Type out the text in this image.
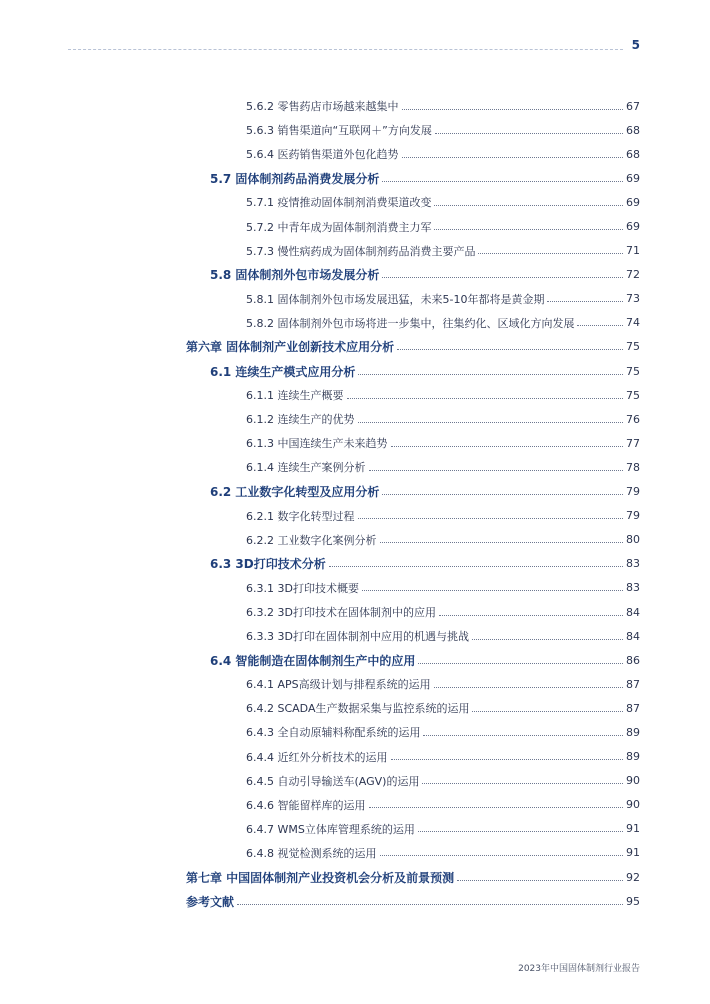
5
5.6.2 零售药店市场越来越集中	67
5.6.3 销售渠道向“互联网＋”方向发展	68
5.6.4 医药销售渠道外包化趋势	68
5.7 固体制剂药品消费发展分析	69
5.7.1 疫情推动固体制剂消费渠道改变	69
5.7.2 中青年成为固体制剂消费主力军	69
5.7.3 慢性病药成为固体制剂药品消费主要产品	71
5.8 固体制剂外包市场发展分析	72
5.8.1 固体制剂外包市场发展迅猛，未来5-10年都将是黄金期	73
5.8.2 固体制剂外包市场将进一步集中，往集约化、区域化方向发展	74
第六章 固体制剂产业创新技术应用分析	75
6.1 连续生产模式应用分析	75
6.1.1 连续生产概要	75
6.1.2 连续生产的优势	76
6.1.3 中国连续生产未来趋势	77
6.1.4 连续生产案例分析	78
6.2 工业数字化转型及应用分析	79
6.2.1 数字化转型过程	79
6.2.2 工业数字化案例分析	80
6.3 3D打印技术分析	83
6.3.1 3D打印技术概要	83
6.3.2 3D打印技术在固体制剂中的应用	84
6.3.3 3D打印在固体制剂中应用的机遇与挑战	84
6.4 智能制造在固体制剂生产中的应用	86
6.4.1 APS高级计划与排程系统的运用	87
6.4.2 SCADA生产数据采集与监控系统的运用	87
6.4.3 全自动原辅料称配系统的运用	89
6.4.4 近红外分析技术的运用	89
6.4.5 自动引导输送车(AGV)的运用	90
6.4.6 智能留样库的运用	90
6.4.7 WMS立体库管理系统的运用	91
6.4.8 视觉检测系统的运用	91
第七章 中国固体制剂产业投资机会分析及前景预测	92
参考文献	95
2023年中国固体制剂行业报告
